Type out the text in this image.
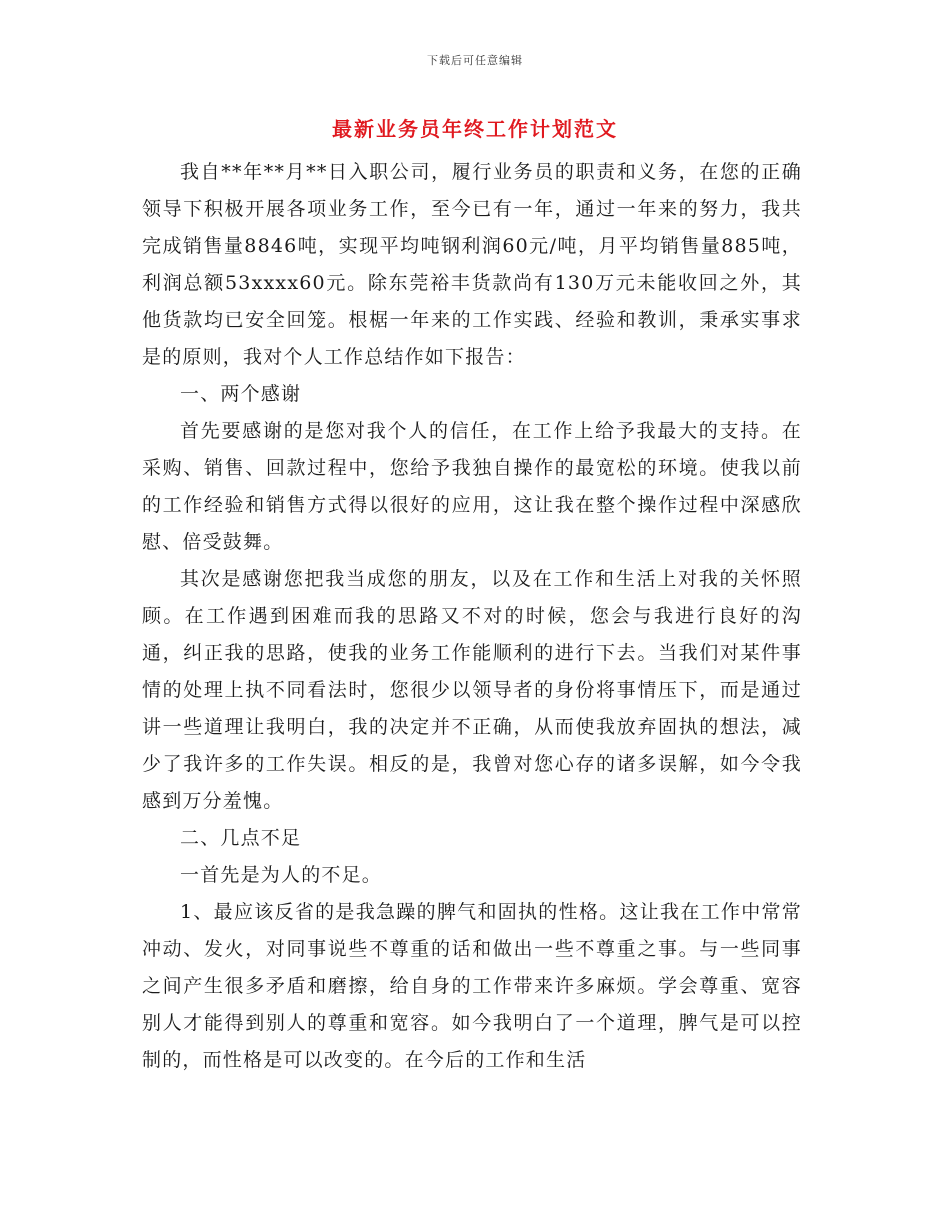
下载后可任意编辑
最新业务员年终工作计划范文

我自**年**月**日入职公司，履行业务员的职责和义务，在您的正确领导下积极开展各项业务工作，至今已有一年，通过一年来的努力，我共完成销售量8846吨，实现平均吨钢利润60元/吨，月平均销售量885吨，利润总额53xxxx60元。除东莞裕丰货款尚有130万元未能收回之外，其他货款均已安全回笼。根椐一年来的工作实践、经验和教训，秉承实事求是的原则，我对个人工作总结作如下报告：

一、两个感谢

首先要感谢的是您对我个人的信任，在工作上给予我最大的支持。在采购、销售、回款过程中，您给予我独自操作的最宽松的环境。使我以前的工作经验和销售方式得以很好的应用，这让我在整个操作过程中深感欣慰、倍受鼓舞。

其次是感谢您把我当成您的朋友，以及在工作和生活上对我的关怀照顾。在工作遇到困难而我的思路又不对的时候，您会与我进行良好的沟通，纠正我的思路，使我的业务工作能顺利的进行下去。当我们对某件事情的处理上执不同看法时，您很少以领导者的身份将事情压下，而是通过讲一些道理让我明白，我的决定并不正确，从而使我放弃固执的想法，减少了我许多的工作失误。相反的是，我曾对您心存的诸多误解，如今令我感到万分羞愧。

二、几点不足

一首先是为人的不足。

1、最应该反省的是我急躁的脾气和固执的性格。这让我在工作中常常冲动、发火，对同事说些不尊重的话和做出一些不尊重之事。与一些同事之间产生很多矛盾和磨擦，给自身的工作带来许多麻烦。学会尊重、宽容别人才能得到别人的尊重和宽容。如今我明白了一个道理，脾气是可以控制的，而性格是可以改变的。在今后的工作和生活
